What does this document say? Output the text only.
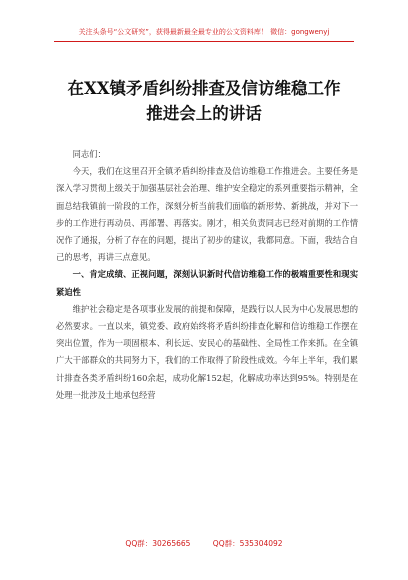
关注头条号“公文研究”，获得最新最全最专业的公文资料库！ 微信：gongwenyj
在XX镇矛盾纠纷排查及信访维稳工作
推进会上的讲话

同志们：

今天，我们在这里召开全镇矛盾纠纷排查及信访维稳工作推进会。主要任务是深入学习贯彻上级关于加强基层社会治理、维护安全稳定的系列重要指示精神，全面总结我镇前一阶段的工作，深刻分析当前我们面临的新形势、新挑战，并对下一步的工作进行再动员、再部署、再落实。刚才，相关负责同志已经对前期的工作情况作了通报，分析了存在的问题，提出了初步的建议，我都同意。下面，我结合自己的思考，再讲三点意见。

一、肯定成绩、正视问题，深刻认识新时代信访维稳工作的极端重要性和现实紧迫性

维护社会稳定是各项事业发展的前提和保障，是践行以人民为中心发展思想的必然要求。一直以来，镇党委、政府始终将矛盾纠纷排查化解和信访维稳工作摆在突出位置，作为一项固根本、利长远、安民心的基础性、全局性工作来抓。在全镇广大干部群众的共同努力下，我们的工作取得了阶段性成效。今年上半年，我们累计排查各类矛盾纠纷160余起，成功化解152起，化解成功率达到95%。特别是在处理一批涉及土地承包经营

QQ群：30265665	QQ群：535304092
